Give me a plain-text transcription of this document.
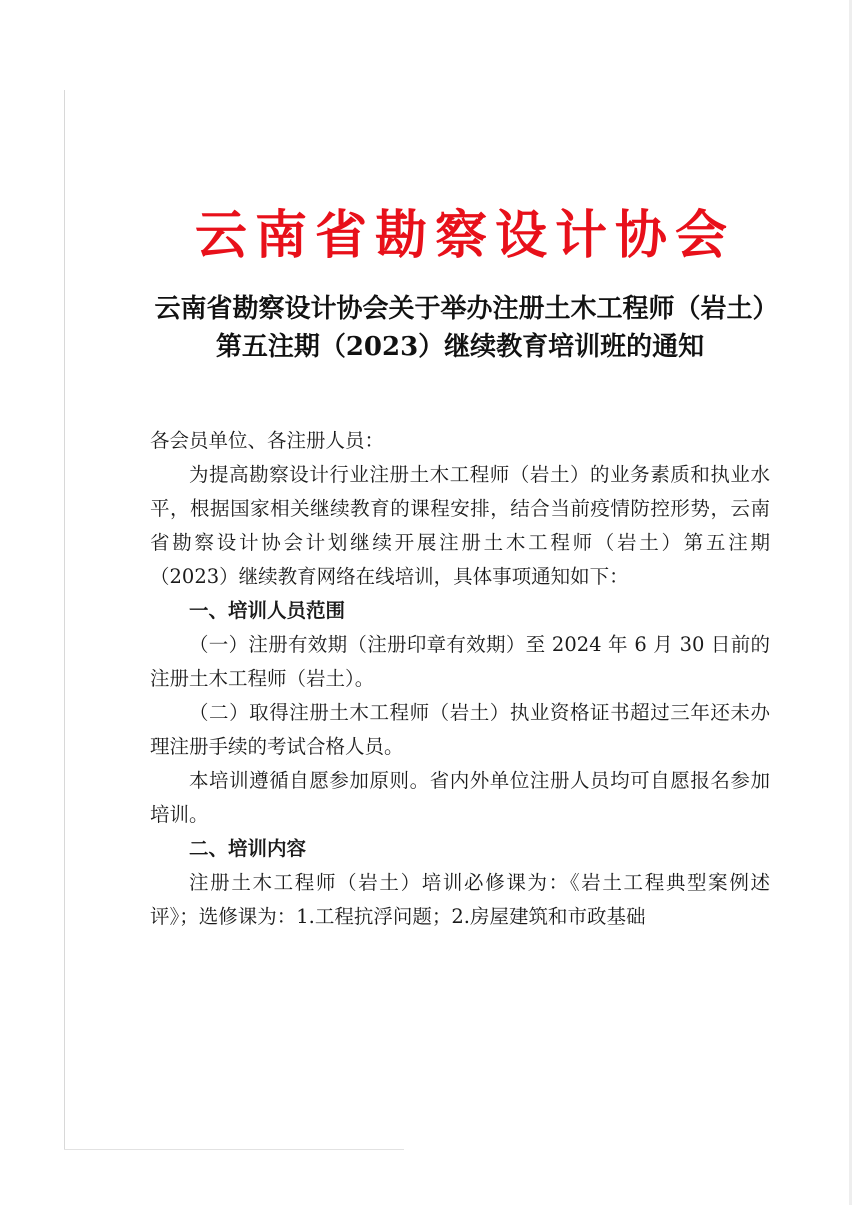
云南省勘察设计协会
云南省勘察设计协会关于举办注册土木工程师（岩土）第五注期（2023）继续教育培训班的通知

各会员单位、各注册人员：

为提高勘察设计行业注册土木工程师（岩土）的业务素质和执业水平，根据国家相关继续教育的课程安排，结合当前疫情防控形势，云南省勘察设计协会计划继续开展注册土木工程师（岩土）第五注期（2023）继续教育网络在线培训，具体事项通知如下：

一、培训人员范围

（一）注册有效期（注册印章有效期）至 2024 年 6 月 30 日前的注册土木工程师（岩土）。

（二）取得注册土木工程师（岩土）执业资格证书超过三年还未办理注册手续的考试合格人员。

本培训遵循自愿参加原则。省内外单位注册人员均可自愿报名参加培训。

二、培训内容

注册土木工程师（岩土）培训必修课为：《岩土工程典型案例述评》；选修课为：1.工程抗浮问题；2.房屋建筑和市政基础
